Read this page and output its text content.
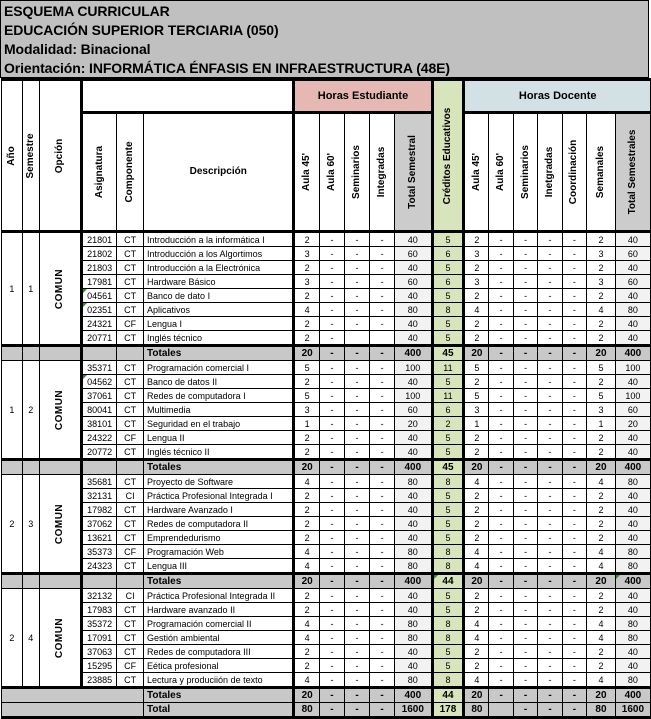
ESQUEMA CURRICULAR
EDUCACIÓN SUPERIOR TERCIARIA (050)
Modalidad: Binacional
Orientación: INFORMÁTICA ÉNFASIS EN INFRAESTRUCTURA (48E)
Año	Semestre	Opción				Horas Estudiante					Créditos Educativos	Horas Docente						

			Asignatura	Componente	Descripción	Aula 45'	Aula 60'	Seminarios	Integradas	Total Semestral		Aula 45'	Aula 60'	Seminarios	Inetgradas	Coordinación	Semanales	Total Semestrales

1	1	COMUN	21801	CT	Introducción a la informática I	2	-	-	-	40	5	2	-	-	-	-	2	40
			21802	CT	Introducción a los Algortimos	3	-	-	-	60	6	3	-	-	-	-	3	60
			21803	CT	Introducción a la Electrónica	2	-	-	-	40	5	2	-	-	-	-	2	40
			17981	CT	Hardware Básico	3	-	-	-	60	6	3	-	-	-	-	3	60
			04561	CT	Banco de dato I	2	-	-	-	40	5	2	-	-	-	-	2	40
			02351	CT	Aplicativos	4	-	-	-	80	8	4	-	-	-	-	4	80
			24321	CF	Lengua I	2	-	-	-	40	5	2	-	-	-	-	2	40
			20771	CT	Inglés técnico	2	-			40	5	2	-	-	-	-	2	40
					Totales	20	-	-	-	400	45	20	-	-	-	-	20	400
1	2	COMUN	35371	CT	Programación comercial I	5	-	-	-	100	11	5	-	-	-	-	5	100
			04562	CT	Banco de datos II	2	-	-	-	40	5	2	-	-	-	-	2	40
			37061	CT	Redes de computadora I	5	-	-	-	100	11	5	-	-	-	-	5	100
			80041	CT	Multimedia	3	-	-	-	60	6	3	-	-	-	-	3	60
			38101	CT	Seguridad en el trabajo	1	-	-	-	20	2	1	-	-	-	-	1	20
			24322	CF	Lengua II	2	-	-	-	40	5	2	-	-	-	-	2	40
			20772	CT	Inglés técnico II	2	-	-	-	40	5	2	-	-	-	-	2	40
					Totales	20	-	-	-	400	45	20	-	-	-	-	20	400
2	3	COMUN	35681	CT	Proyecto de Software	4	-	-	-	80	8	4	-	-	-	-	4	80
			32131	CI	Práctica Profesional Integrada I	2	-	-	-	40	5	2	-	-	-	-	2	40
			17982	CT	Hardware Avanzado I	2	-	-	-	40	5	2	-	-	-	-	2	40
			37062	CT	Redes de computadora II	2	-	-	-	40	5	2	-	-	-	-	2	40
			13621	CT	Emprendedurismo	2	-	-	-	40	5	2	-	-	-	-	2	40
			35373	CF	Programación Web	4	-	-	-	80	8	4	-	-	-	-	4	80
			24323	CT	Lengua III	4	-	-	-	80	8	4	-	-	-	-	4	80
					Totales	20	-	-	-	400	44	20	-	-	-	-	20	400
2	4	COMUN	32132	CI	Práctica Profesional Integrada II	2	-	-	-	40	5	2	-	-	-	-	2	40
			17983	CT	Hardware avanzado II	2	-	-	-	40	5	2	-	-	-	-	2	40
			35372	CT	Programación comercial II	4	-	-	-	80	8	4	-	-	-	-	4	80
			17091	CT	Gestión ambiental	4	-	-	-	80	8	4	-	-	-	-	4	80
			37063	CT	Redes de computadora III	2	-	-	-	40	5	2	-	-	-	-	2	40
			15295	CF	Eética profesional	2	-	-	-	40	5	2	-	-	-	-	2	40
			23885	CT	Lectura y produciión de texto	4	-	-	-	80	8	4	-	-	-	-	4	80
					Totales	20	-	-	-	400	44	20	-	-	-	-	20	400
					Total	80	-	-	-	1600	178	80		-	-	-	80	1600
